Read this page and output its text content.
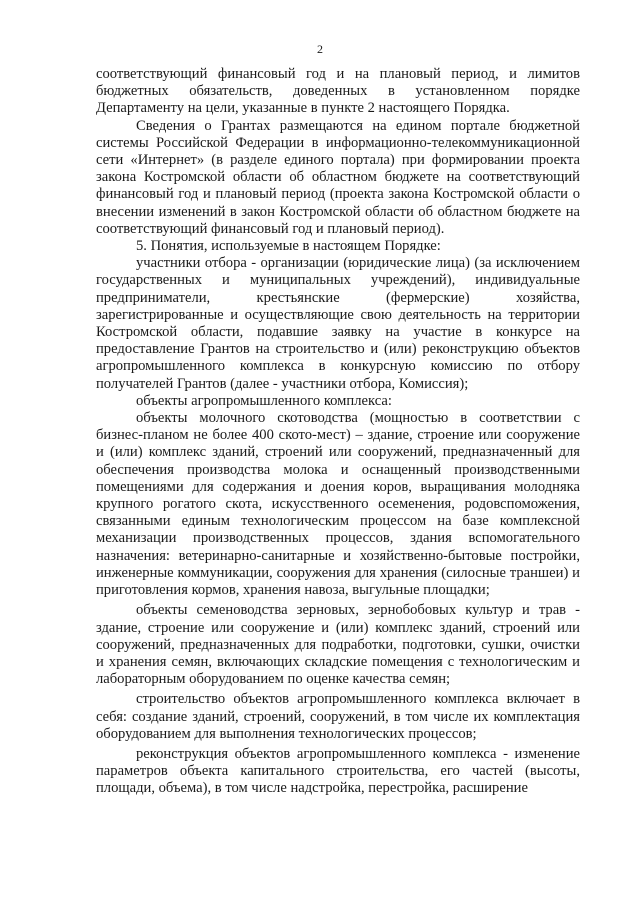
2

соответствующий финансовый год и на плановый период, и лимитов бюджетных обязательств, доведенных в установленном порядке Департаменту на цели, указанные в пункте 2 настоящего Порядка.

Сведения о Грантах размещаются на едином портале бюджетной системы Российской Федерации в информационно-телекоммуникационной сети «Интернет» (в разделе единого портала) при формировании проекта закона Костромской области об областном бюджете на соответствующий финансовый год и плановый период (проекта закона Костромской области о внесении изменений в закон Костромской области об областном бюджете на соответствующий финансовый год и плановый период).

5. Понятия, используемые в настоящем Порядке:

участники отбора - организации (юридические лица) (за исключением государственных и муниципальных учреждений), индивидуальные предприниматели, крестьянские (фермерские) хозяйства, зарегистрированные и осуществляющие свою деятельность на территории Костромской области, подавшие заявку на участие в конкурсе на предоставление Грантов на строительство и (или) реконструкцию объектов агропромышленного комплекса в конкурсную комиссию по отбору получателей Грантов (далее - участники отбора, Комиссия);

объекты агропромышленного комплекса:

объекты молочного скотоводства (мощностью в соответствии с бизнес-планом не более 400 ското-мест) – здание, строение или сооружение и (или) комплекс зданий, строений или сооружений, предназначенный для обеспечения производства молока и оснащенный производственными помещениями для содержания и доения коров, выращивания молодняка крупного рогатого скота, искусственного осеменения, родовспоможения, связанными единым технологическим процессом на базе комплексной механизации производственных процессов, здания вспомогательного назначения: ветеринарно-санитарные и хозяйственно-бытовые постройки, инженерные коммуникации, сооружения для хранения (силосные траншеи) и приготовления кормов, хранения навоза, выгульные площадки;

объекты семеноводства зерновых, зернобобовых культур и трав - здание, строение или сооружение и (или) комплекс зданий, строений или сооружений, предназначенных для подработки, подготовки, сушки, очистки и хранения семян, включающих складские помещения с технологическим и лабораторным оборудованием по оценке качества семян;

строительство объектов агропромышленного комплекса включает в себя: создание зданий, строений, сооружений, в том числе их комплектация оборудованием для выполнения технологических процессов;

реконструкция объектов агропромышленного комплекса - изменение параметров объекта капитального строительства, его частей (высоты, площади, объема), в том числе надстройка, перестройка, расширение
